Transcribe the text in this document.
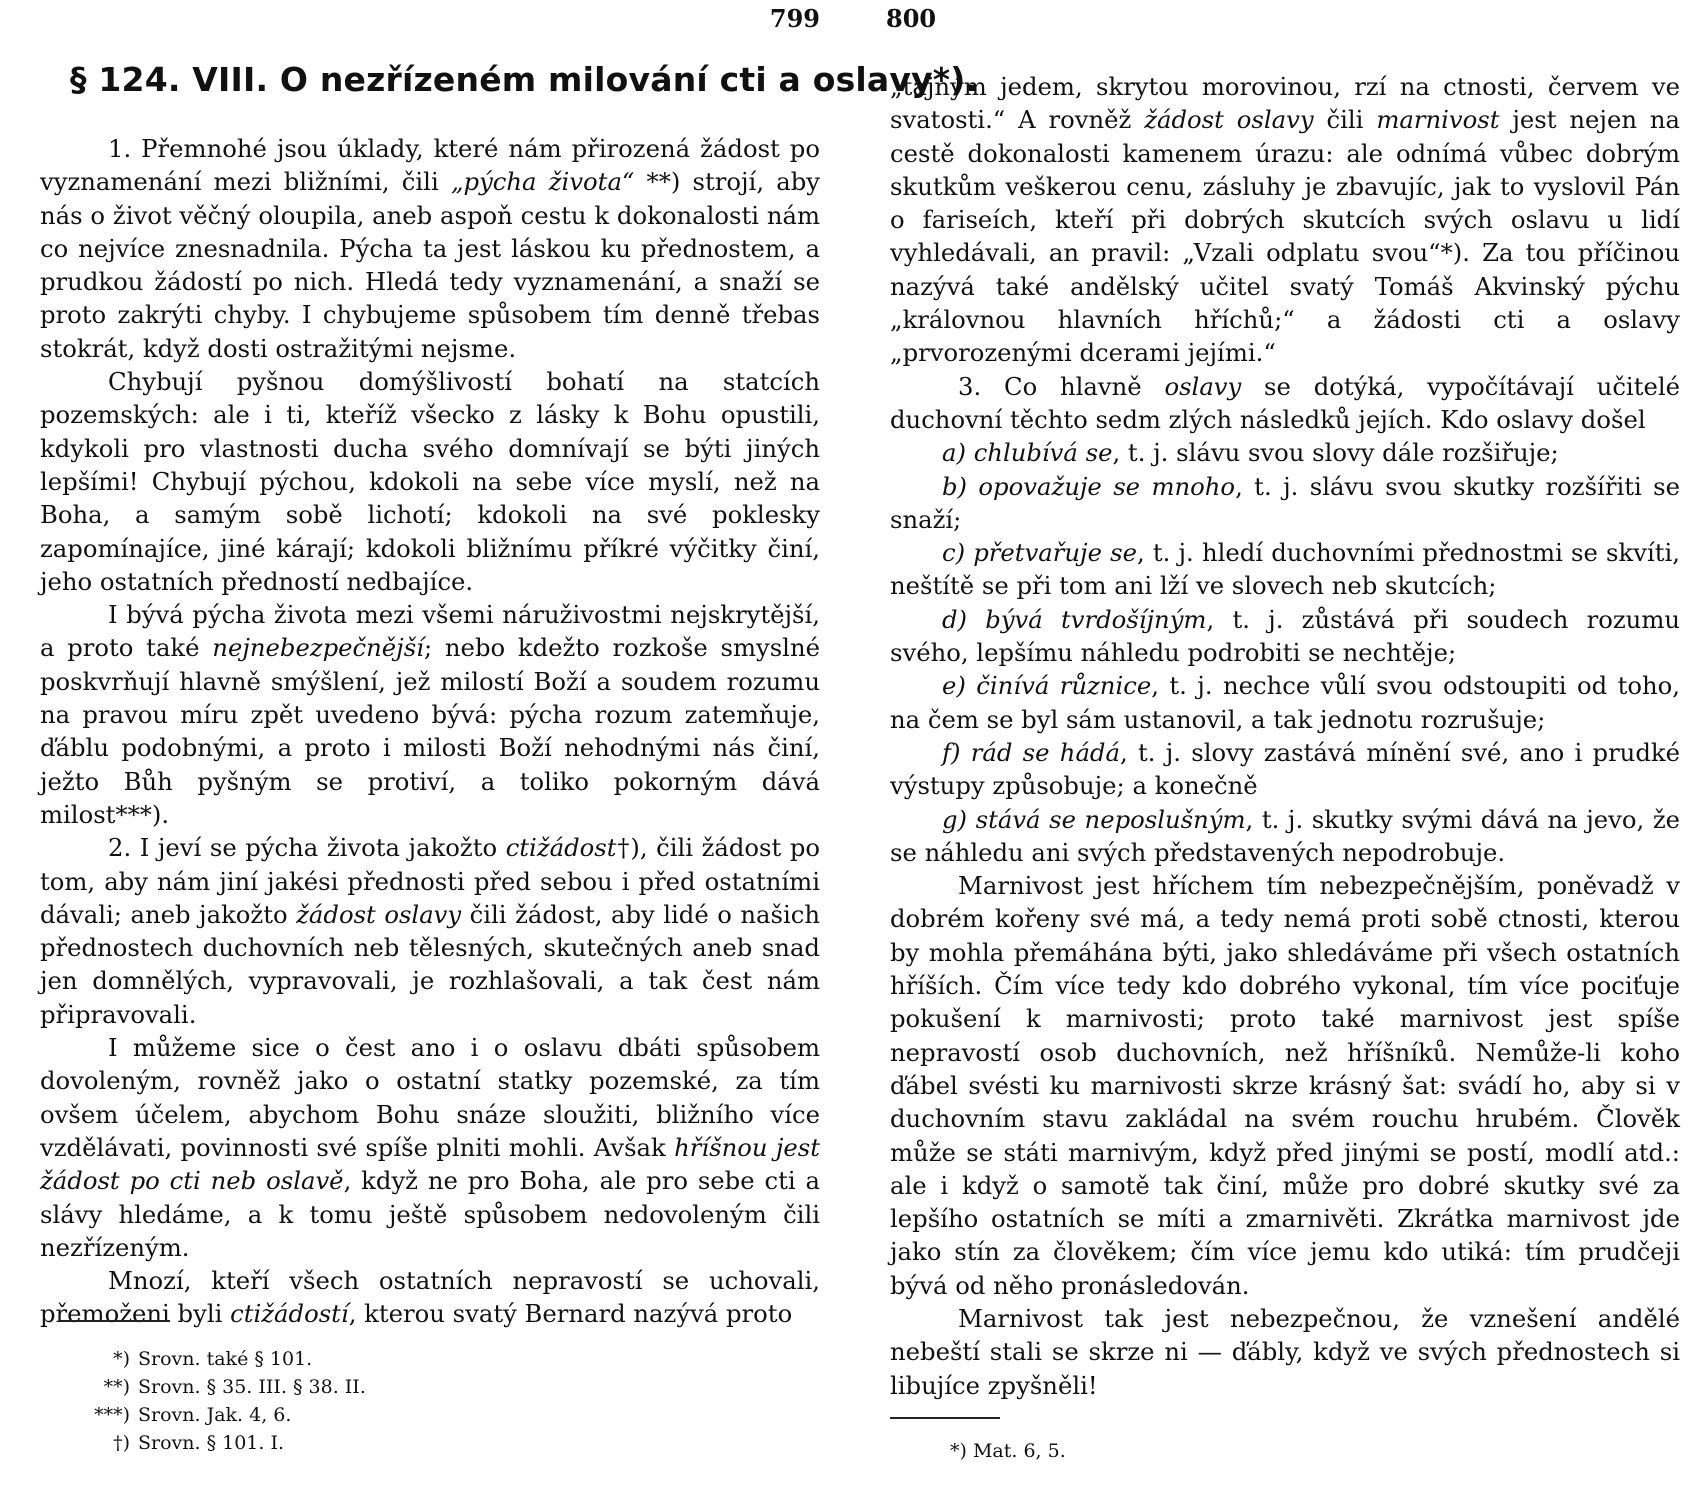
799
§ 124. VIII. O nezřízeném milování cti a oslavy*).

1. Přemnohé jsou úklady, které nám přirozená žádost po vyznamenání mezi bližními, čili „pýcha života“ **) strojí, aby nás o život věčný oloupila, aneb aspoň cestu k dokonalosti nám co nejvíce znesnadnila. Pýcha ta jest láskou ku přednostem, a prudkou žádostí po nich. Hledá tedy vyznamenání, a snaží se proto zakrýti chyby. I chybujeme spůsobem tím denně třebas stokrát, když dosti ostražitými nejsme.

Chybují pyšnou domýšlivostí bohatí na statcích pozemských: ale i ti, kteříž všecko z lásky k Bohu opustili, kdykoli pro vlastnosti ducha svého domnívají se býti jiných lepšími! Chybují pýchou, kdokoli na sebe více myslí, než na Boha, a samým sobě lichotí; kdokoli na své poklesky zapomínajíce, jiné kárají; kdokoli bližnímu příkré výčitky činí, jeho ostatních předností nedbajíce.

I bývá pýcha života mezi všemi náruživostmi nejskrytější, a proto také nejnebezpečnější; nebo kdežto rozkoše smyslné poskvrňují hlavně smýšlení, jež milostí Boží a soudem rozumu na pravou míru zpět uvedeno bývá: pýcha rozum zatemňuje, ďáblu podobnými, a proto i milosti Boží nehodnými nás činí, ježto Bůh pyšným se protiví, a toliko pokorným dává milost***).

2. I jeví se pýcha života jakožto ctižádost†), čili žádost po tom, aby nám jiní jakési přednosti před sebou i před ostatními dávali; aneb jakožto žádost oslavy čili žádost, aby lidé o našich přednostech duchovních neb tělesných, skutečných aneb snad jen domnělých, vypravovali, je rozhlašovali, a tak čest nám připravovali.

I můžeme sice o čest ano i o oslavu dbáti spůsobem dovoleným, rovněž jako o ostatní statky pozemské, za tím ovšem účelem, abychom Bohu snáze sloužiti, bližního více vzdělávati, povinnosti své spíše plniti mohli. Avšak hříšnou jest žádost po cti neb oslavě, když ne pro Boha, ale pro sebe cti a slávy hledáme, a k tomu ještě spůsobem nedovoleným čili nezřízeným.

Mnozí, kteří všech ostatních nepravostí se uchovali, přemoženi byli ctižádostí, kterou svatý Bernard nazývá proto

*) Srovn. také § 101.
**) Srovn. § 35. III. § 38. II.
***) Srovn. Jak. 4, 6.
†) Srovn. § 101. I.
800

„tajným jedem, skrytou morovinou, rzí na ctnosti, červem ve svatosti.“ A rovněž žádost oslavy čili marnivost jest nejen na cestě dokonalosti kamenem úrazu: ale odnímá vůbec dobrým skutkům veškerou cenu, zásluhy je zbavujíc, jak to vyslovil Pán o fariseích, kteří při dobrých skutcích svých oslavu u lidí vyhledávali, an pravil: „Vzali odplatu svou“*). Za tou příčinou nazývá také andělský učitel svatý Tomáš Akvinský pýchu „královnou hlavních hříchů;“ a žádosti cti a oslavy „prvorozenými dcerami jejími.“

3. Co hlavně oslavy se dotýká, vypočítávají učitelé duchovní těchto sedm zlých následků jejích. Kdo oslavy došel

a) chlubívá se, t. j. slávu svou slovy dále rozšiřuje;

b) opovažuje se mnoho, t. j. slávu svou skutky rozšířiti se snaží;

c) přetvařuje se, t. j. hledí duchovními přednostmi se skvíti, neštítě se při tom ani lží ve slovech neb skutcích;

d) bývá tvrdošíjným, t. j. zůstává při soudech rozumu svého, lepšímu náhledu podrobiti se nechtěje;

e) činívá různice, t. j. nechce vůlí svou odstoupiti od toho, na čem se byl sám ustanovil, a tak jednotu rozrušuje;

f) rád se hádá, t. j. slovy zastává mínění své, ano i prudké výstupy způsobuje; a konečně

g) stává se neposlušným, t. j. skutky svými dává na jevo, že se náhledu ani svých představených nepodrobuje.

Marnivost jest hříchem tím nebezpečnějším, poněvadž v dobrém kořeny své má, a tedy nemá proti sobě ctnosti, kterou by mohla přemáhána býti, jako shledáváme při všech ostatních hříších. Čím více tedy kdo dobrého vykonal, tím více pociťuje pokušení k marnivosti; proto také marnivost jest spíše nepravostí osob duchovních, než hříšníků. Nemůže-li koho ďábel svésti ku marnivosti skrze krásný šat: svádí ho, aby si v duchovním stavu zakládal na svém rouchu hrubém. Člověk může se státi marnivým, když před jinými se postí, modlí atd.: ale i když o samotě tak činí, může pro dobré skutky své za lepšího ostatních se míti a zmarnivěti. Zkrátka marnivost jde jako stín za člověkem; čím více jemu kdo utiká: tím prudčeji bývá od něho pronásledován.

Marnivost tak jest nebezpečnou, že vznešení andělé nebeští stali se skrze ni — ďábly, když ve svých přednostech si libujíce zpyšněli!

*) Mat. 6, 5.
